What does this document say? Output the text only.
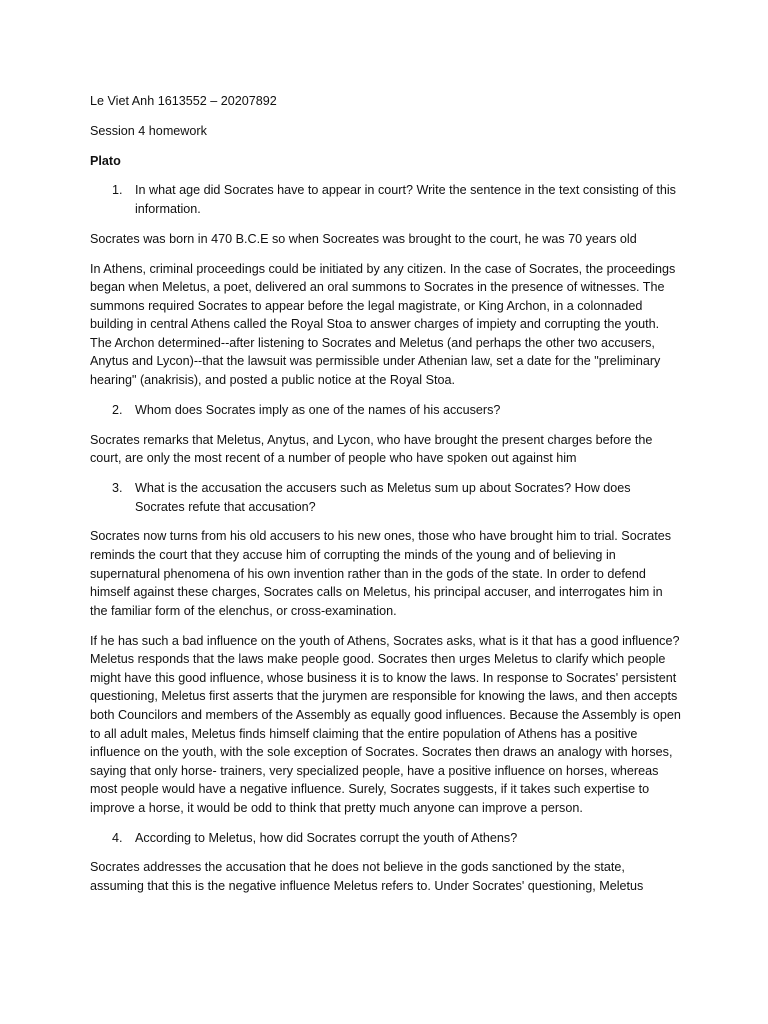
Le Viet Anh 1613552 – 20207892

Session 4 homework

Plato

1. In what age did Socrates have to appear in court? Write the sentence in the text consisting of this information.

Socrates was born in 470 B.C.E so when Socreates was brought to the court, he was 70 years old

In Athens, criminal proceedings could be initiated by any citizen. In the case of Socrates, the proceedings began when Meletus, a poet, delivered an oral summons to Socrates in the presence of witnesses. The summons required Socrates to appear before the legal magistrate, or King Archon, in a colonnaded building in central Athens called the Royal Stoa to answer charges of impiety and corrupting the youth. The Archon determined--after listening to Socrates and Meletus (and perhaps the other two accusers, Anytus and Lycon)--that the lawsuit was permissible under Athenian law, set a date for the "preliminary hearing" (anakrisis), and posted a public notice at the Royal Stoa.

2. Whom does Socrates imply as one of the names of his accusers?

Socrates remarks that Meletus, Anytus, and Lycon, who have brought the present charges before the court, are only the most recent of a number of people who have spoken out against him

3. What is the accusation the accusers such as Meletus sum up about Socrates? How does Socrates refute that accusation?

Socrates now turns from his old accusers to his new ones, those who have brought him to trial. Socrates reminds the court that they accuse him of corrupting the minds of the young and of believing in supernatural phenomena of his own invention rather than in the gods of the state. In order to defend himself against these charges, Socrates calls on Meletus, his principal accuser, and interrogates him in the familiar form of the elenchus, or cross-examination.

If he has such a bad influence on the youth of Athens, Socrates asks, what is it that has a good influence? Meletus responds that the laws make people good. Socrates then urges Meletus to clarify which people might have this good influence, whose business it is to know the laws. In response to Socrates' persistent questioning, Meletus first asserts that the jurymen are responsible for knowing the laws, and then accepts both Councilors and members of the Assembly as equally good influences. Because the Assembly is open to all adult males, Meletus finds himself claiming that the entire population of Athens has a positive influence on the youth, with the sole exception of Socrates. Socrates then draws an analogy with horses, saying that only horse- trainers, very specialized people, have a positive influence on horses, whereas most people would have a negative influence. Surely, Socrates suggests, if it takes such expertise to improve a horse, it would be odd to think that pretty much anyone can improve a person.

4. According to Meletus, how did Socrates corrupt the youth of Athens?

Socrates addresses the accusation that he does not believe in the gods sanctioned by the state, assuming that this is the negative influence Meletus refers to. Under Socrates' questioning, Meletus
